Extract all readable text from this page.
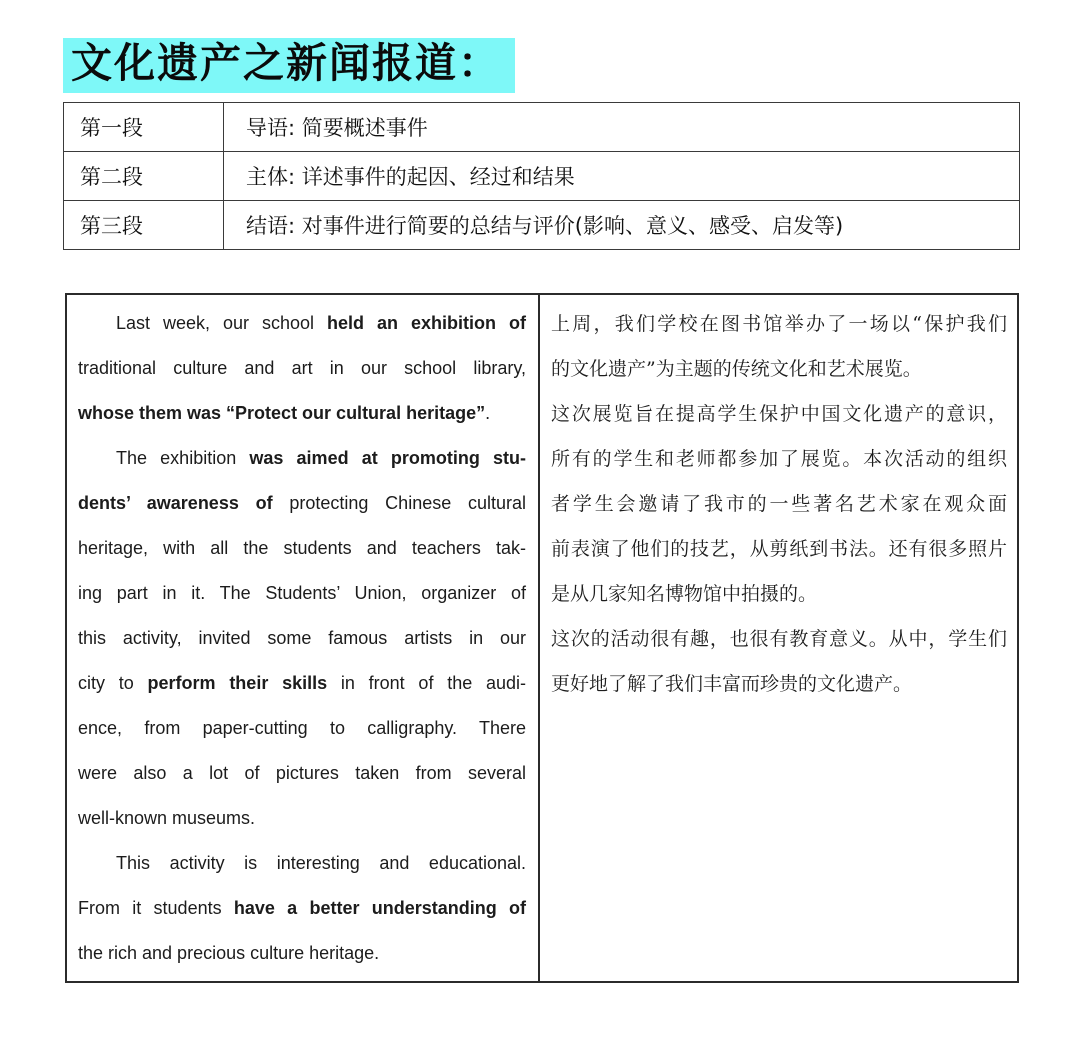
文化遗产之新闻报道：
第一段	导语: 简要概述事件
第二段	主体: 详述事件的起因、经过和结果
第三段	结语: 对事件进行简要的总结与评价(影响、意义、感受、启发等)
Last week, our school held an exhibition of
traditional culture and art in our school library,
whose them was “Protect our cultural heritage”.
The exhibition was aimed at promoting stu-
dents’ awareness of protecting Chinese cultural
heritage, with all the students and teachers tak-
ing part in it. The Students’ Union, organizer of
this activity, invited some famous artists in our
city to perform their skills in front of the audi-
ence, from paper-cutting to calligraphy. There
were also a lot of pictures taken from several
well-known museums.
This activity is interesting and educational.
From it students have a better understanding of
the rich and precious culture heritage.
上周，我们学校在图书馆举办了一场以“保护我们
的文化遗产”为主题的传统文化和艺术展览。
这次展览旨在提高学生保护中国文化遗产的意识，
所有的学生和老师都参加了展览。本次活动的组织
者学生会邀请了我市的一些著名艺术家在观众面
前表演了他们的技艺，从剪纸到书法。还有很多照片
是从几家知名博物馆中拍摄的。
这次的活动很有趣，也很有教育意义。从中，学生们
更好地了解了我们丰富而珍贵的文化遗产。
